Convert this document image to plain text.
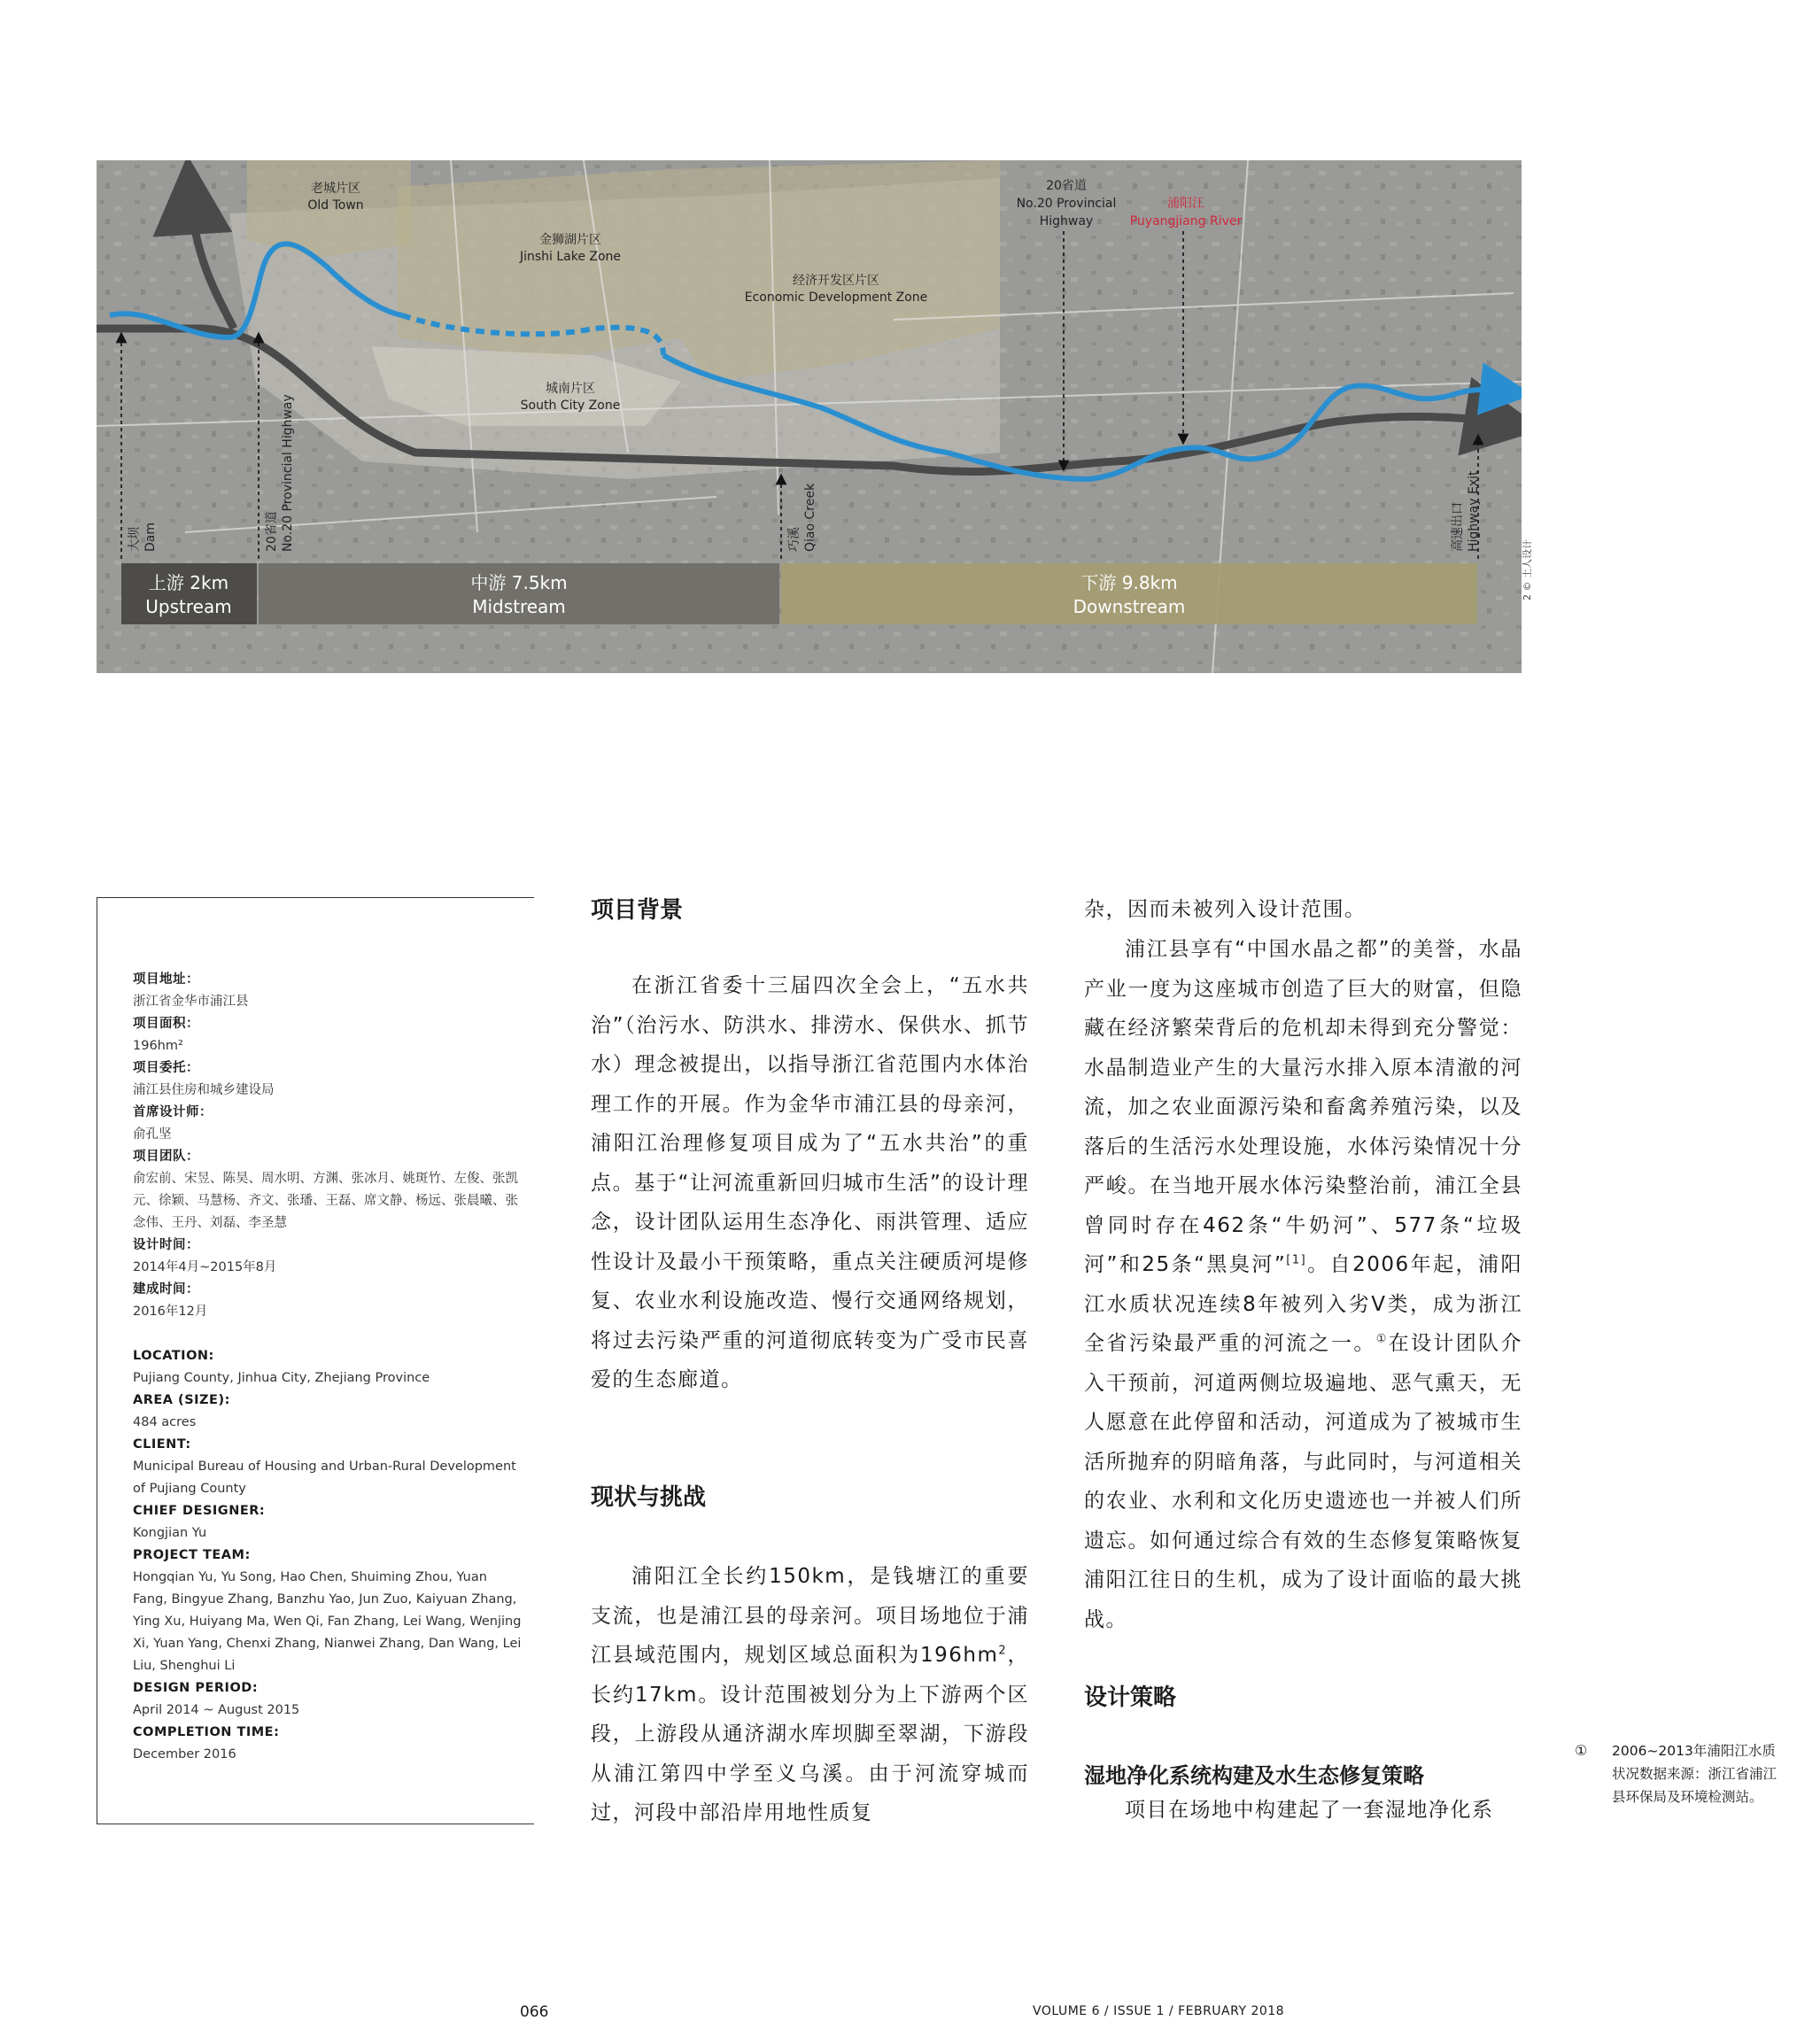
老城片区
Old Town
金狮湖片区
Jinshi Lake Zone
经济开发区片区
Economic Development Zone
城南片区
South City Zone
20省道
No.20 Provincial
Highway
浦阳江
Puyangjiang River
大坝 Dam	20省道 No.20 Provincial Highway	巧溪 Qiao Creek	高速出口 Highway Exit
上游 2km
Upstream
中游 7.5km
Midstream
下游 9.8km
Downstream
2 © 土人设计
项目地址：
浙江省金华市浦江县
项目面积：
196hm²
项目委托：
浦江县住房和城乡建设局
首席设计师：
俞孔坚
项目团队：
俞宏前、宋昱、陈昊、周水明、方渊、张冰月、姚斑竹、左俊、张凯元、徐颖、马慧杨、齐文、张璠、王磊、席文静、杨远、张晨曦、张念伟、王丹、刘磊、李圣慧
设计时间：
2014年4月~2015年8月
建成时间：
2016年12月
LOCATION:
Pujiang County, Jinhua City, Zhejiang Province
AREA (SIZE):
484 acres
CLIENT:
Municipal Bureau of Housing and Urban-Rural Development of Pujiang County
CHIEF DESIGNER:
Kongjian Yu
PROJECT TEAM:
Hongqian Yu, Yu Song, Hao Chen, Shuiming Zhou, Yuan Fang, Bingyue Zhang, Banzhu Yao, Jun Zuo, Kaiyuan Zhang, Ying Xu, Huiyang Ma, Wen Qi, Fan Zhang, Lei Wang, Wenjing Xi, Yuan Yang, Chenxi Zhang, Nianwei Zhang, Dan Wang, Lei Liu, Shenghui Li
DESIGN PERIOD:
April 2014 ~ August 2015
COMPLETION TIME:
December 2016
项目背景
在浙江省委十三届四次全会上，“五水共治”（治污水、防洪水、排涝水、保供水、抓节水）理念被提出，以指导浙江省范围内水体治理工作的开展。作为金华市浦江县的母亲河，浦阳江治理修复项目成为了“五水共治”的重点。基于“让河流重新回归城市生活”的设计理念，设计团队运用生态净化、雨洪管理、适应性设计及最小干预策略，重点关注硬质河堤修复、农业水利设施改造、慢行交通网络规划，将过去污染严重的河道彻底转变为广受市民喜爱的生态廊道。
现状与挑战
浦阳江全长约150km，是钱塘江的重要支流，也是浦江县的母亲河。项目场地位于浦江县域范围内，规划区域总面积为$196hm^2$，长约17km。设计范围被划分为上下游两个区段，上游段从通济湖水库坝脚至翠湖，下游段从浦江第四中学至义乌溪。由于河流穿城而过，河段中部沿岸用地性质复
杂，因而未被列入设计范围。
浦江县享有“中国水晶之都”的美誉，水晶产业一度为这座城市创造了巨大的财富，但隐藏在经济繁荣背后的危机却未得到充分警觉：水晶制造业产生的大量污水排入原本清澈的河流，加之农业面源污染和畜禽养殖污染，以及落后的生活污水处理设施，水体污染情况十分严峻。在当地开展水体污染整治前，浦江全县曾同时存在462条“牛奶河”、577条“垃圾河”和25条“黑臭河”[1]。自2006年起，浦阳江水质状况连续8年被列入劣Ⅴ类，成为浙江全省污染最严重的河流之一。①在设计团队介入干预前，河道两侧垃圾遍地、恶气熏天，无人愿意在此停留和活动，河道成为了被城市生活所抛弃的阴暗角落，与此同时，与河道相关的农业、水利和文化历史遗迹也一并被人们所遗忘。如何通过综合有效的生态修复策略恢复浦阳江往日的生机，成为了设计面临的最大挑战。
设计策略
湿地净化系统构建及水生态修复策略
项目在场地中构建起了一套湿地净化系
① 2006~2013年浦阳江水质状况数据来源：浙江省浦江县环保局及环境检测站。
066	VOLUME 6 / ISSUE 1 / FEBRUARY 2018
